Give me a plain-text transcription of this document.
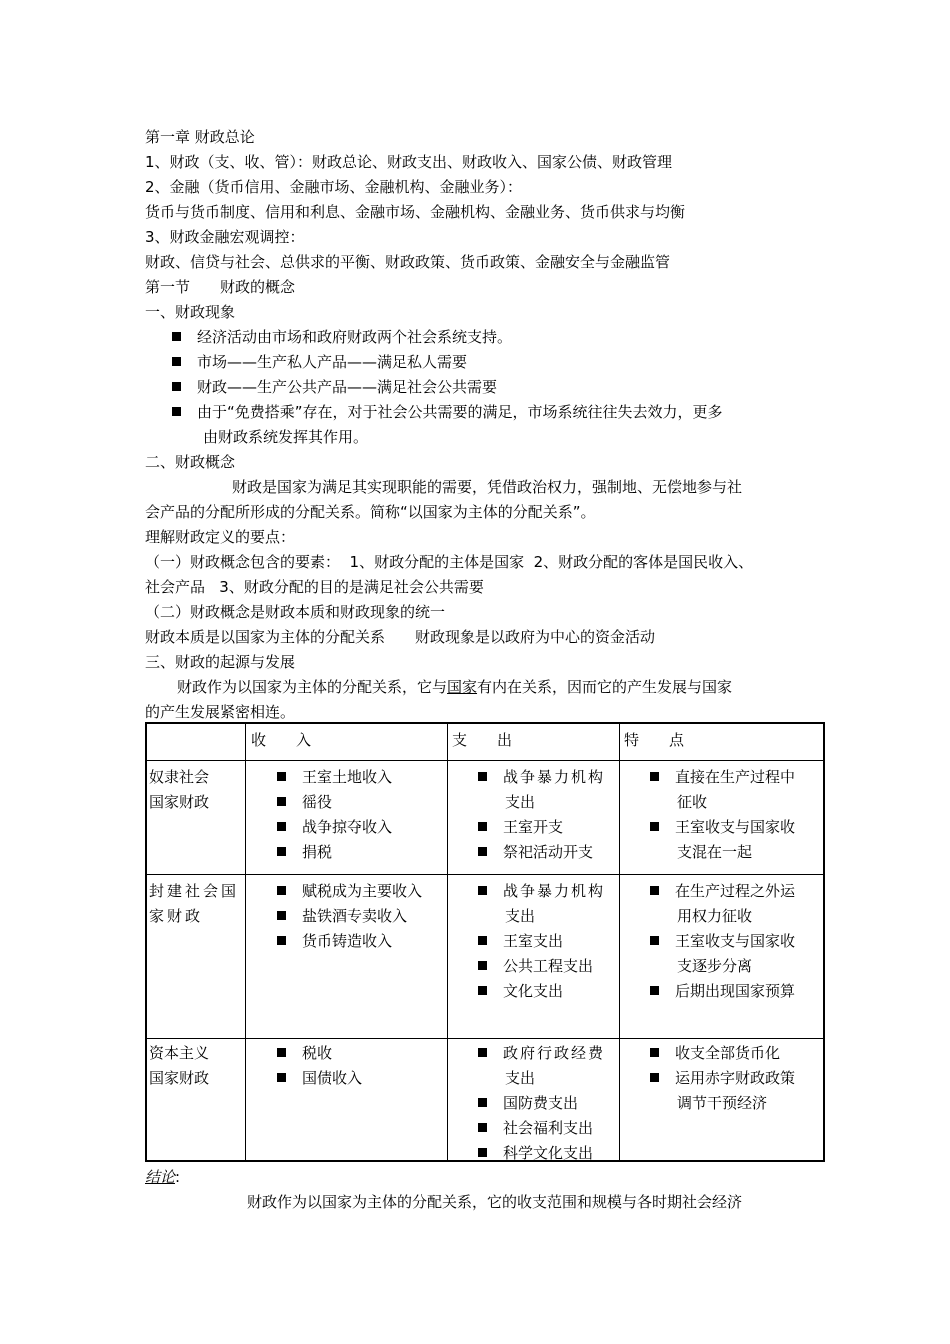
第一章 财政总论
1、财政（支、收、管）：财政总论、财政支出、财政收入、国家公债、财政管理
2、金融（货币信用、金融市场、金融机构、金融业务）：
货币与货币制度、信用和利息、金融市场、金融机构、金融业务、货币供求与均衡
3、财政金融宏观调控：
财政、信贷与社会、总供求的平衡、财政政策、货币政策、金融安全与金融监管
第一节　　财政的概念
一、财政现象
经济活动由市场和政府财政两个社会系统支持。
市场——生产私人产品——满足私人需要
财政——生产公共产品——满足社会公共需要
由于“免费搭乘”存在，对于社会公共需要的满足，市场系统往往失去效力，更多
由财政系统发挥其作用。
二、财政概念
财政是国家为满足其实现职能的需要，凭借政治权力，强制地、无偿地参与社
会产品的分配所形成的分配关系。简称“以国家为主体的分配关系”。
理解财政定义的要点：
（一）财政概念包含的要素：  1、财政分配的主体是国家  2、财政分配的客体是国民收入、
社会产品   3、财政分配的目的是满足社会公共需要
（二）财政概念是财政本质和财政现象的统一
财政本质是以国家为主体的分配关系　　财政现象是以政府为中心的资金活动
三、财政的起源与发展
财政作为以国家为主体的分配关系，它与国家有内在关系，因而它的产生发展与国家
的产生发展紧密相连。
收　　入	支　　出	特　　点
奴隶社会
国家财政
王室土地收入
徭役
战争掠夺收入
捐税
战争暴力机构
支出
王室开支
祭祀活动开支
直接在生产过程中
征收
王室收支与国家收
支混在一起
封建社会国
家财政
赋税成为主要收入
盐铁酒专卖收入
货币铸造收入
战争暴力机构
支出
王室支出
公共工程支出
文化支出
在生产过程之外运
用权力征收
王室收支与国家收
支逐步分离
后期出现国家预算
资本主义
国家财政
税收
国债收入
政府行政经费
支出
国防费支出
社会福利支出
科学文化支出
收支全部货币化
运用赤字财政政策
调节干预经济
结论:
财政作为以国家为主体的分配关系，它的收支范围和规模与各时期社会经济
